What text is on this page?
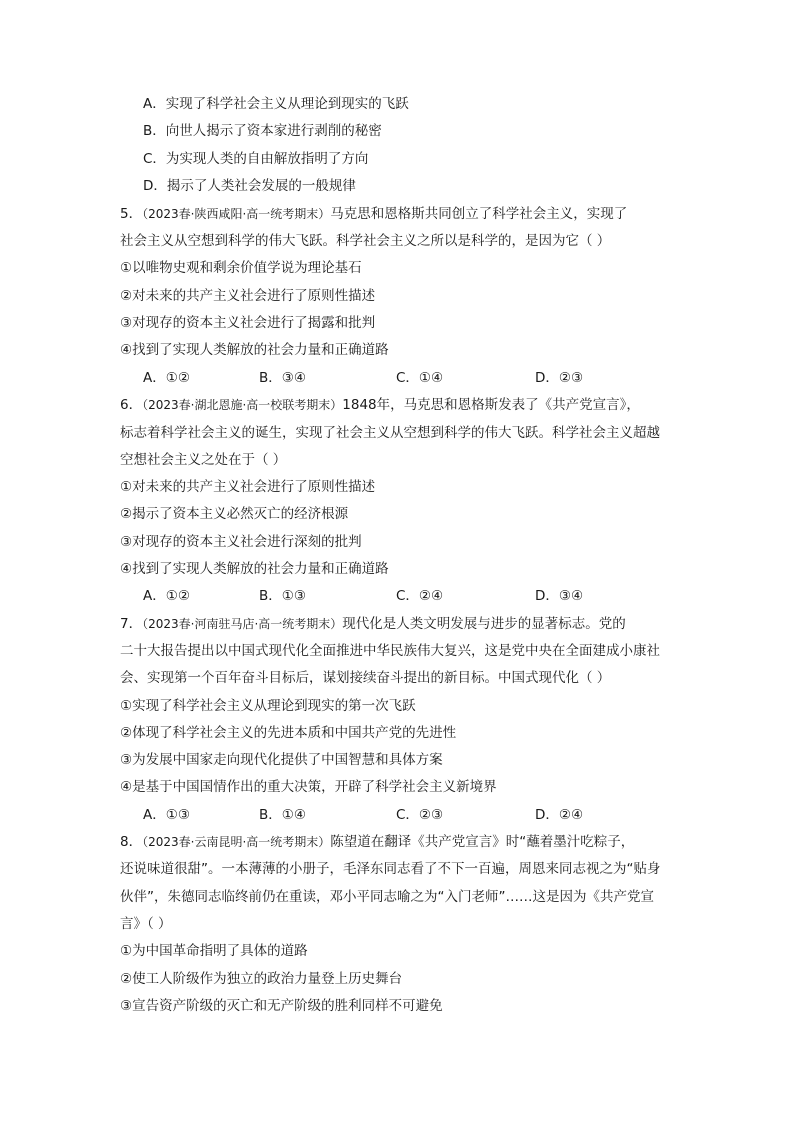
A．实现了科学社会主义从理论到现实的飞跃
B．向世人揭示了资本家进行剥削的秘密
C．为实现人类的自由解放指明了方向
D．揭示了人类社会发展的一般规律
5．（2023春·陕西咸阳·高一统考期末）马克思和恩格斯共同创立了科学社会主义，实现了
社会主义从空想到科学的伟大飞跃。科学社会主义之所以是科学的，是因为它（ ）
①以唯物史观和剩余价值学说为理论基石
②对未来的共产主义社会进行了原则性描述
③对现存的资本主义社会进行了揭露和批判
④找到了实现人类解放的社会力量和正确道路
A．①②	B．③④	C．①④	D．②③
6．（2023春·湖北恩施·高一校联考期末）1848年，马克思和恩格斯发表了《共产党宣言》，
标志着科学社会主义的诞生，实现了社会主义从空想到科学的伟大飞跃。科学社会主义超越
空想社会主义之处在于（ ）
①对未来的共产主义社会进行了原则性描述
②揭示了资本主义必然灭亡的经济根源
③对现存的资本主义社会进行深刻的批判
④找到了实现人类解放的社会力量和正确道路
A．①②	B．①③	C．②④	D．③④
7．（2023春·河南驻马店·高一统考期末）现代化是人类文明发展与进步的显著标志。党的
二十大报告提出以中国式现代化全面推进中华民族伟大复兴，这是党中央在全面建成小康社
会、实现第一个百年奋斗目标后，谋划接续奋斗提出的新目标。中国式现代化（ ）
①实现了科学社会主义从理论到现实的第一次飞跃
②体现了科学社会主义的先进本质和中国共产党的先进性
③为发展中国家走向现代化提供了中国智慧和具体方案
④是基于中国国情作出的重大决策，开辟了科学社会主义新境界
A．①③	B．①④	C．②③	D．②④
8．（2023春·云南昆明·高一统考期末）陈望道在翻译《共产党宣言》时“蘸着墨汁吃粽子，
还说味道很甜”。一本薄薄的小册子，毛泽东同志看了不下一百遍，周恩来同志视之为“贴身
伙伴”，朱德同志临终前仍在重读，邓小平同志喻之为“入门老师”……这是因为《共产党宣
言》（ ）
①为中国革命指明了具体的道路
②使工人阶级作为独立的政治力量登上历史舞台
③宣告资产阶级的灭亡和无产阶级的胜利同样不可避免
